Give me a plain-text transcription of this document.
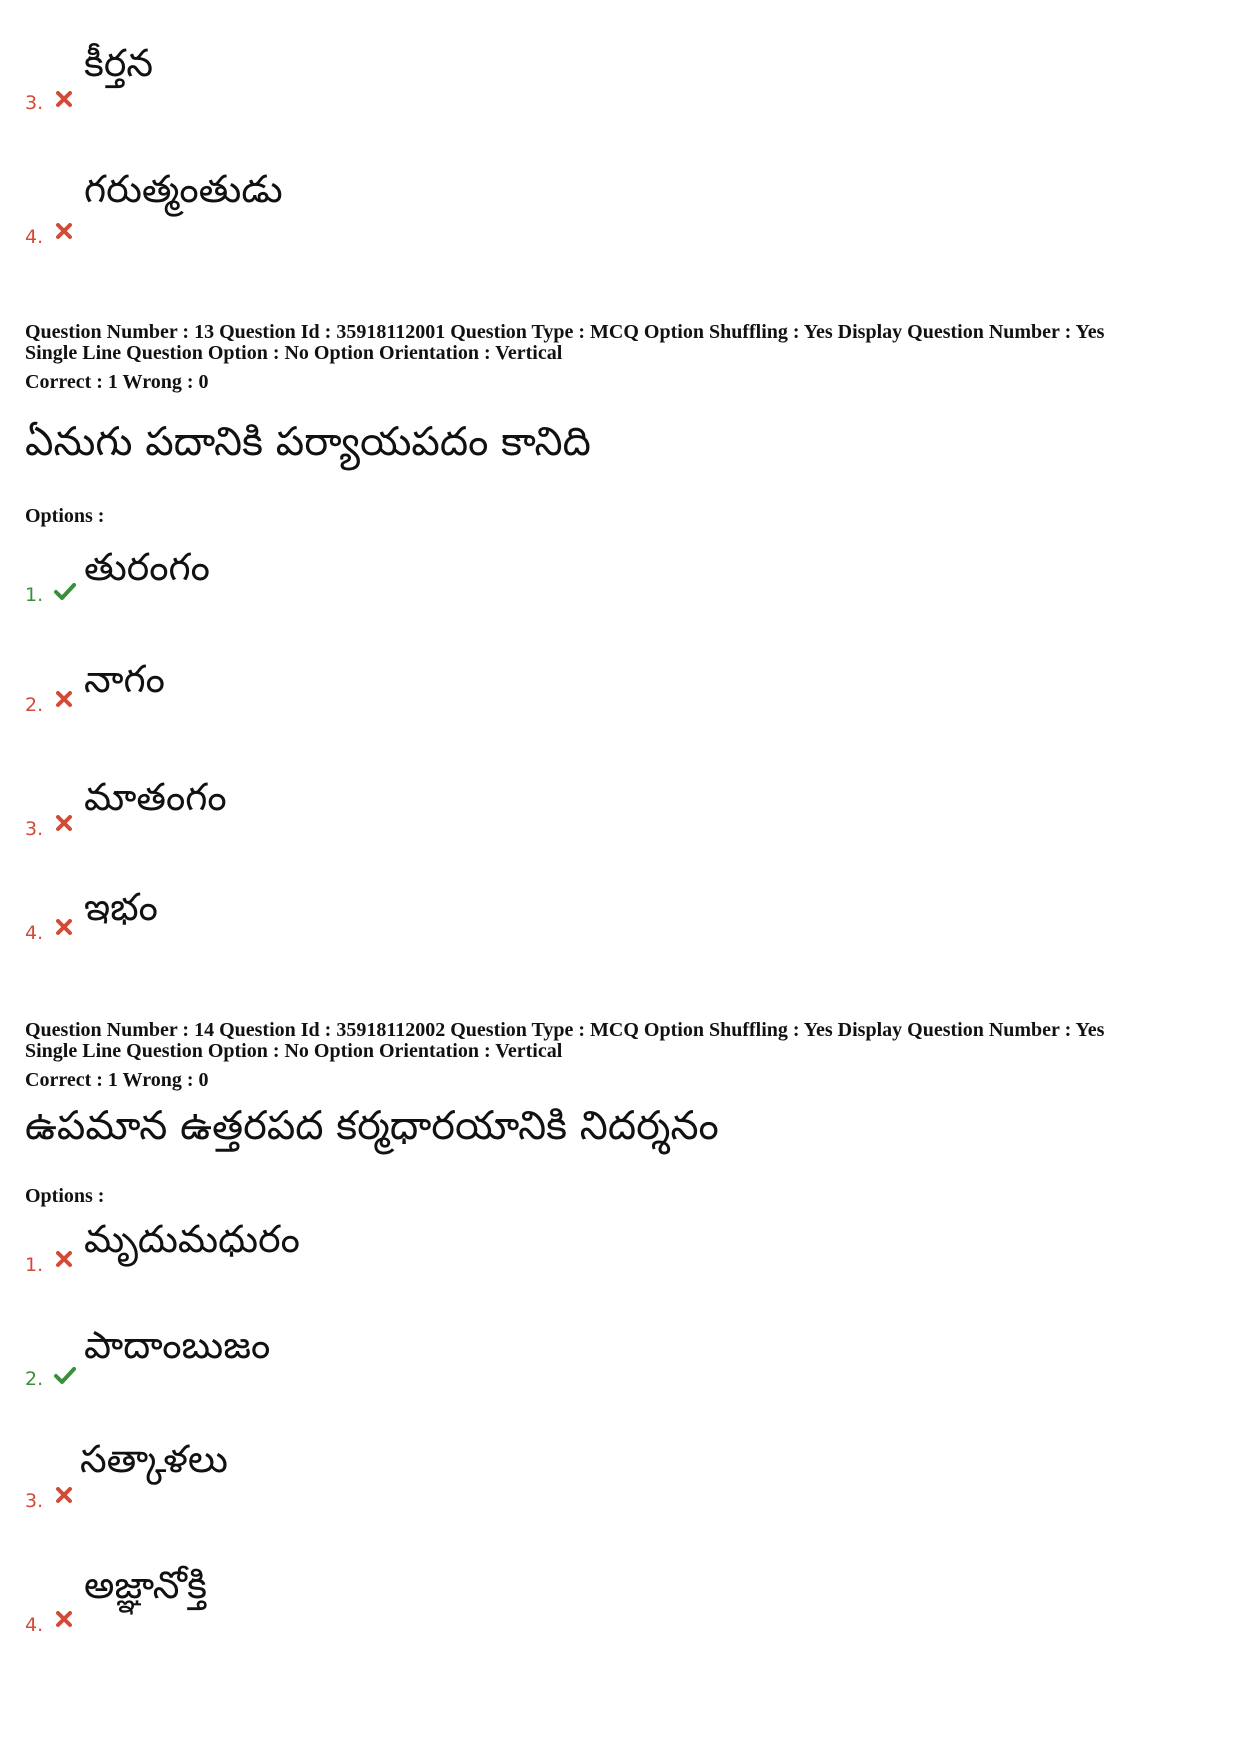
కీర్తన
3.
గరుత్మంతుడు
4.
Question Number : 13 Question Id : 35918112001 Question Type : MCQ Option Shuffling : Yes Display Question Number : Yes
Single Line Question Option : No Option Orientation : Vertical
Correct : 1 Wrong : 0
ఏనుగు పదానికి పర్యాయపదం కానిది
Options :
తురంగం
1.
నాగం
2.
మాతంగం
3.
ఇభం
4.
Question Number : 14 Question Id : 35918112002 Question Type : MCQ Option Shuffling : Yes Display Question Number : Yes
Single Line Question Option : No Option Orientation : Vertical
Correct : 1 Wrong : 0
ఉపమాన ఉత్తరపద కర్మధారయానికి నిదర్శనం
Options :
మృదుమధురం
1.
పాదాంబుజం
2.
సత్కాళలు
3.
అజ్ఞానోక్తి
4.
